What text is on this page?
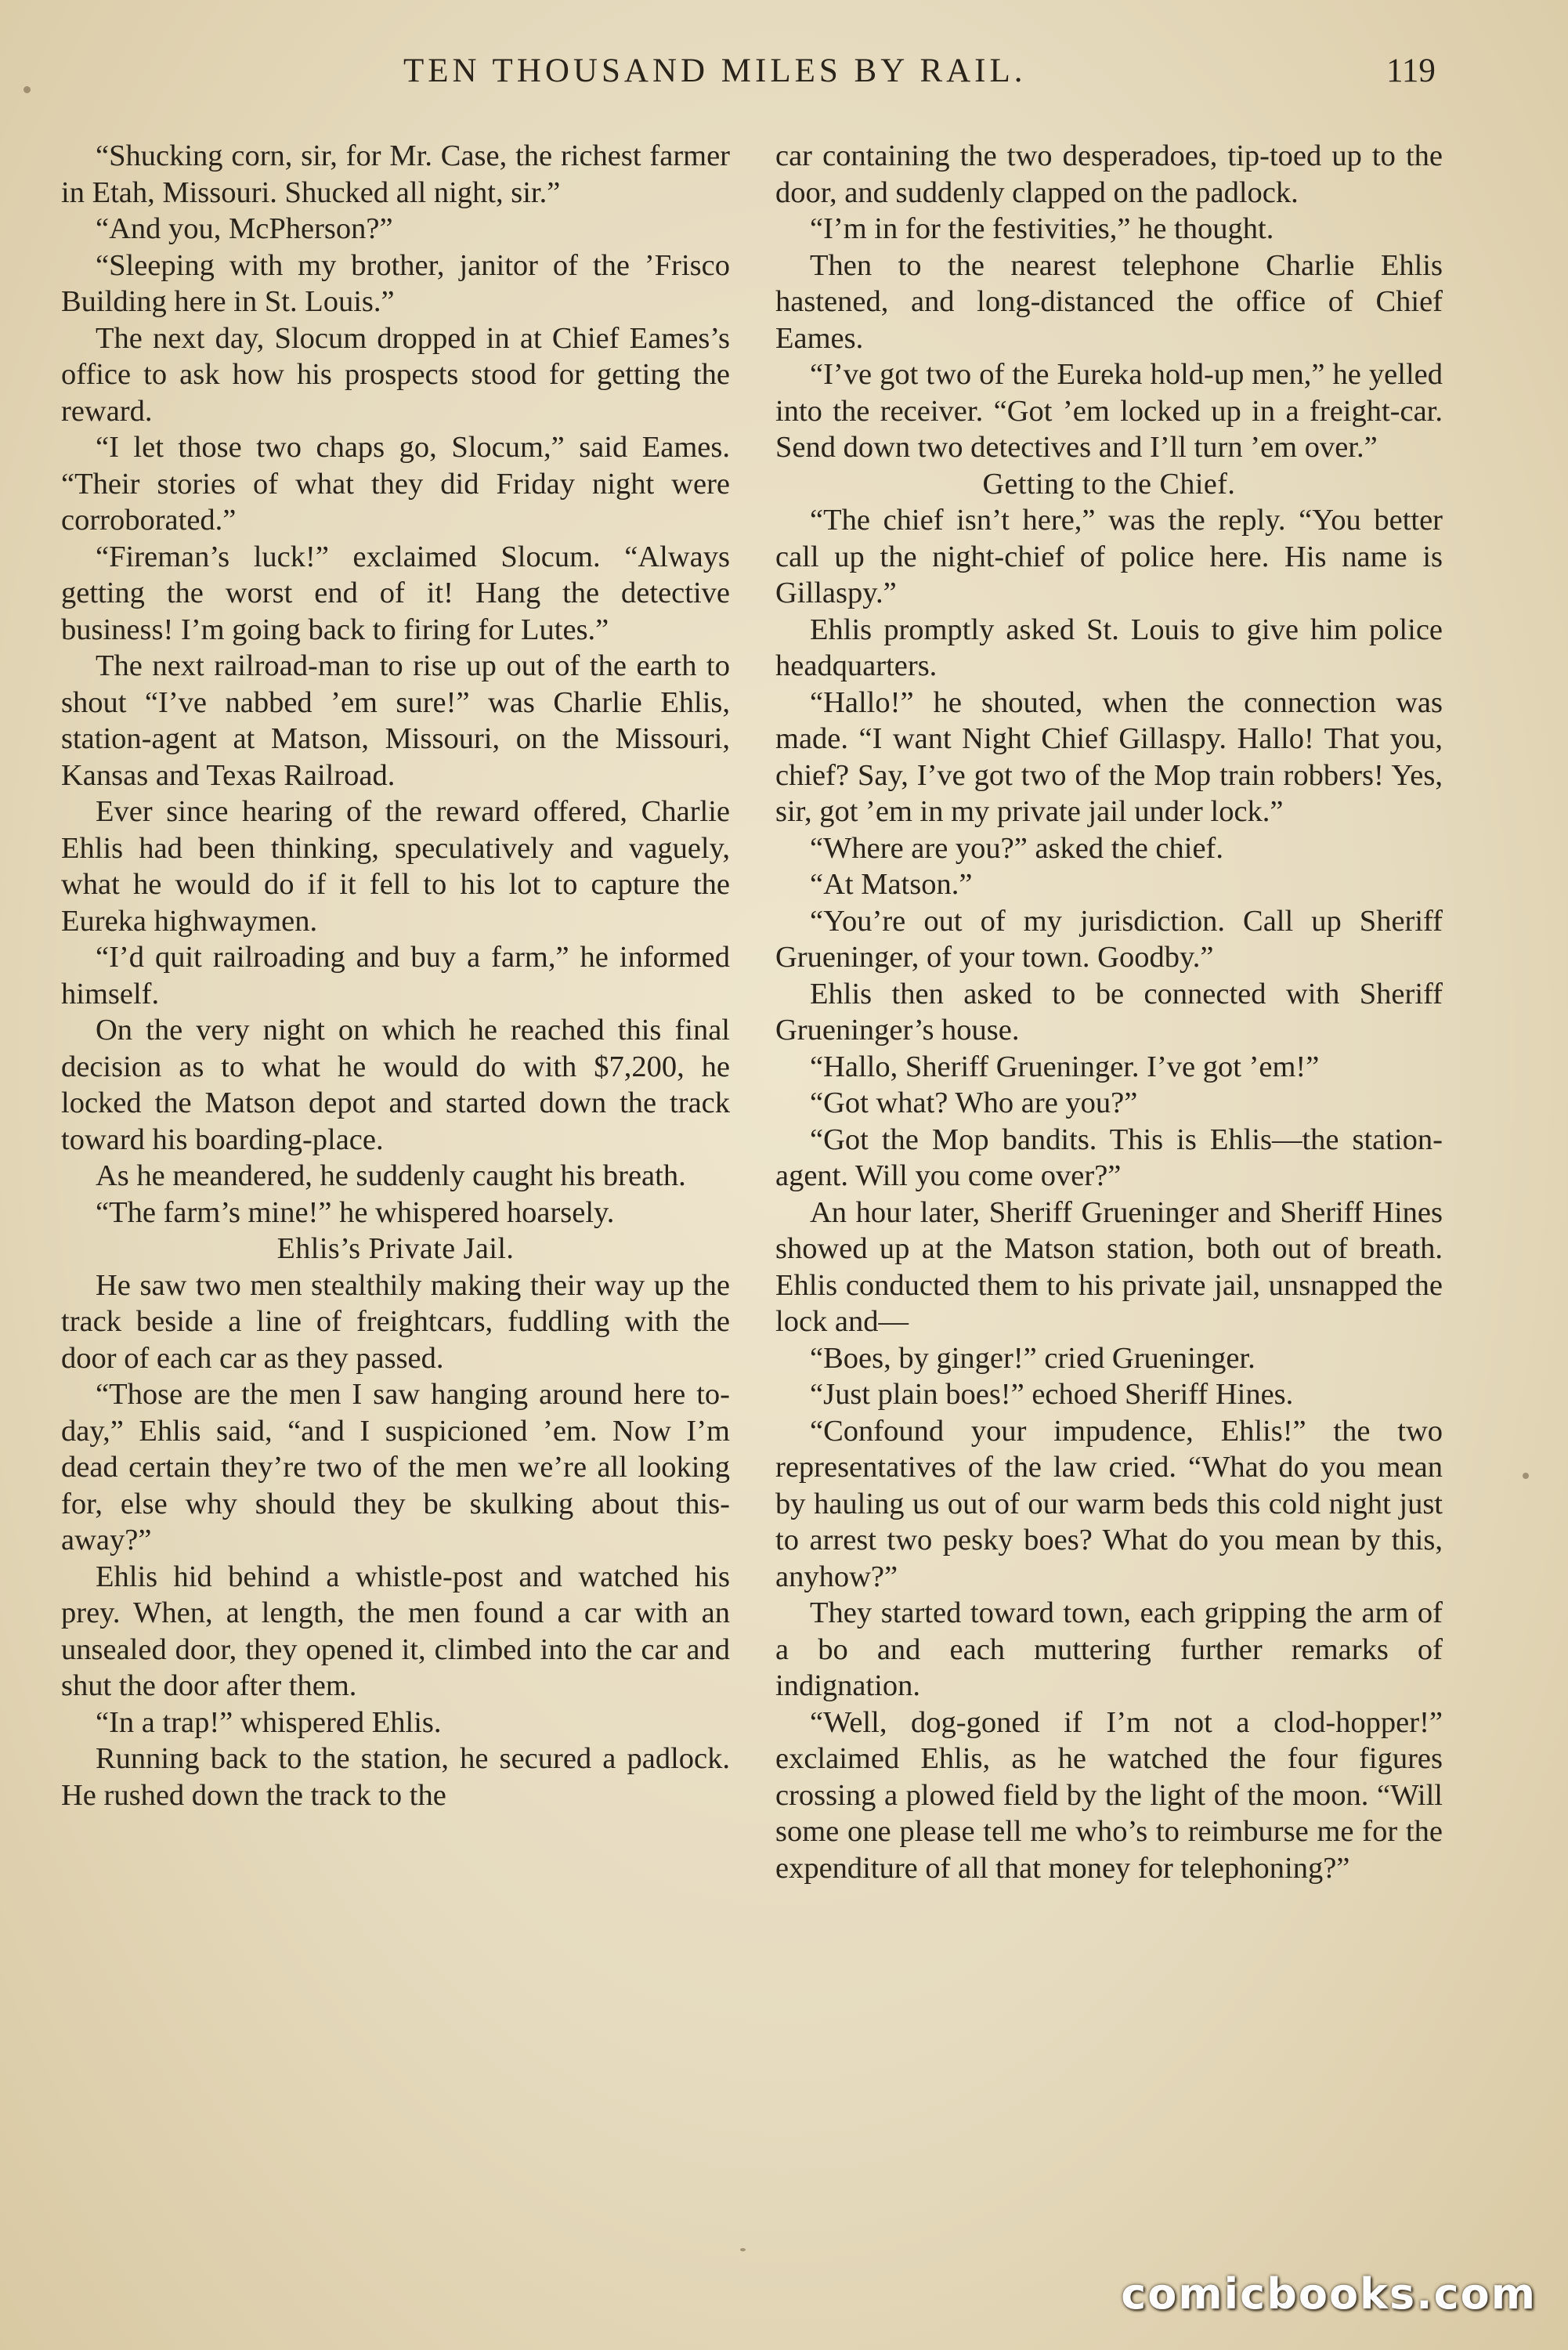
TEN THOUSAND MILES BY RAIL.	119

“Shucking corn, sir, for Mr. Case, the richest farmer in Etah, Missouri. Shucked all night, sir.”

“And you, McPherson?”

“Sleeping with my brother, janitor of the ’Frisco Building here in St. Louis.”

The next day, Slocum dropped in at Chief Eames’s office to ask how his prospects stood for getting the reward.

“I let those two chaps go, Slocum,” said Eames. “Their stories of what they did Friday night were corroborated.”

“Fireman’s luck!” exclaimed Slocum. “Always getting the worst end of it! Hang the detective business! I’m going back to firing for Lutes.”

The next railroad-man to rise up out of the earth to shout “I’ve nabbed ’em sure!” was Charlie Ehlis, station-agent at Matson, Missouri, on the Missouri, Kansas and Texas Railroad.

Ever since hearing of the reward offered, Charlie Ehlis had been thinking, speculatively and vaguely, what he would do if it fell to his lot to capture the Eureka highwaymen.

“I’d quit railroading and buy a farm,” he informed himself.

On the very night on which he reached this final decision as to what he would do with $7,200, he locked the Matson depot and started down the track toward his boarding-place.

As he meandered, he suddenly caught his breath.

“The farm’s mine!” he whispered hoarsely.

Ehlis’s Private Jail.

He saw two men stealthily making their way up the track beside a line of freightcars, fuddling with the door of each car as they passed.

“Those are the men I saw hanging around here to-day,” Ehlis said, “and I suspicioned ’em. Now I’m dead certain they’re two of the men we’re all looking for, else why should they be skulking about this-away?”

Ehlis hid behind a whistle-post and watched his prey. When, at length, the men found a car with an unsealed door, they opened it, climbed into the car and shut the door after them.

“In a trap!” whispered Ehlis.

Running back to the station, he secured a padlock. He rushed down the track to the

car containing the two desperadoes, tip-toed up to the door, and suddenly clapped on the padlock.

“I’m in for the festivities,” he thought.

Then to the nearest telephone Charlie Ehlis hastened, and long-distanced the office of Chief Eames.

“I’ve got two of the Eureka hold-up men,” he yelled into the receiver. “Got ’em locked up in a freight-car. Send down two detectives and I’ll turn ’em over.”

Getting to the Chief.

“The chief isn’t here,” was the reply. “You better call up the night-chief of police here. His name is Gillaspy.”

Ehlis promptly asked St. Louis to give him police headquarters.

“Hallo!” he shouted, when the connection was made. “I want Night Chief Gillaspy. Hallo! That you, chief? Say, I’ve got two of the Mop train robbers! Yes, sir, got ’em in my private jail under lock.”

“Where are you?” asked the chief.

“At Matson.”

“You’re out of my jurisdiction. Call up Sheriff Grueninger, of your town. Goodby.”

Ehlis then asked to be connected with Sheriff Grueninger’s house.

“Hallo, Sheriff Grueninger. I’ve got ’em!”

“Got what? Who are you?”

“Got the Mop bandits. This is Ehlis—the station-agent. Will you come over?”

An hour later, Sheriff Grueninger and Sheriff Hines showed up at the Matson station, both out of breath. Ehlis conducted them to his private jail, unsnapped the lock and—

“Boes, by ginger!” cried Grueninger.

“Just plain boes!” echoed Sheriff Hines.

“Confound your impudence, Ehlis!” the two representatives of the law cried. “What do you mean by hauling us out of our warm beds this cold night just to arrest two pesky boes? What do you mean by this, anyhow?”

They started toward town, each gripping the arm of a bo and each muttering further remarks of indignation.

“Well, dog-goned if I’m not a clod-hopper!” exclaimed Ehlis, as he watched the four figures crossing a plowed field by the light of the moon. “Will some one please tell me who’s to reimburse me for the expenditure of all that money for telephoning?”

comicbooks.com
